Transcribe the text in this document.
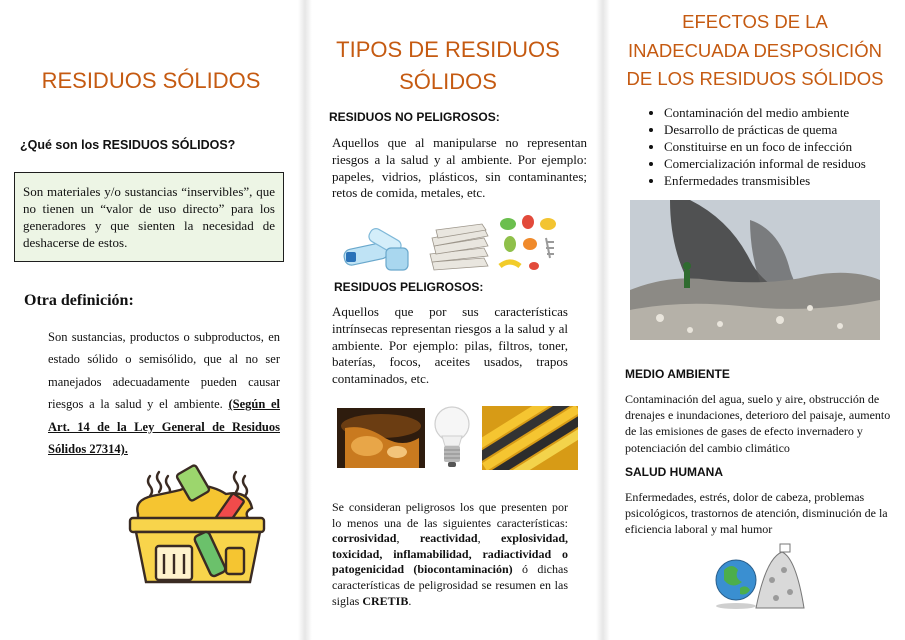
RESIDUOS SÓLIDOS
¿Qué son los RESIDUOS SÓLIDOS?
Son materiales y/o sustancias “inservibles”, que no tienen un “valor de uso directo” para los generadores y que sienten la necesidad de deshacerse de estos.
Otra definición:
Son sustancias, productos o subproductos, en estado sólido o semisólido, que al no ser manejados adecuadamente pueden causar riesgos a la salud y el ambiente. (Según el Art. 14 de la Ley General de Residuos Sólidos 27314).
TIPOS DE RESIDUOS SÓLIDOS
RESIDUOS NO PELIGROSOS:
Aquellos que al manipularse no representan riesgos a la salud y al ambiente. Por ejemplo: papeles, vidrios, plásticos, sin contaminantes; retos de comida, metales, etc.
RESIDUOS PELIGROSOS:
Aquellos que por sus características intrínsecas representan riesgos a la salud y al ambiente. Por ejemplo: pilas, filtros, toner, baterías, focos, aceites usados, trapos contaminados, etc.
Se consideran peligrosos los que presenten por lo menos una de las siguientes características: corrosividad, reactividad, explosividad, toxicidad, inflamabilidad, radiactividad o patogenicidad (biocontaminación) ó dichas características de peligrosidad se resumen en las siglas CRETIB.
EFECTOS DE LA INADECUADA DESPOSICIÓN DE LOS RESIDUOS SÓLIDOS
• Contaminación del medio ambiente
• Desarrollo de prácticas de quema
• Constituirse en un foco de infección
• Comercialización informal de residuos
• Enfermedades transmisibles
MEDIO AMBIENTE
Contaminación del agua, suelo y aire, obstrucción de drenajes e inundaciones, deterioro del paisaje, aumento de las emisiones de gases de efecto invernadero y potenciación del cambio climático
SALUD HUMANA
Enfermedades, estrés, dolor de cabeza, problemas psicológicos, trastornos de atención, disminución de la eficiencia laboral y mal humor
